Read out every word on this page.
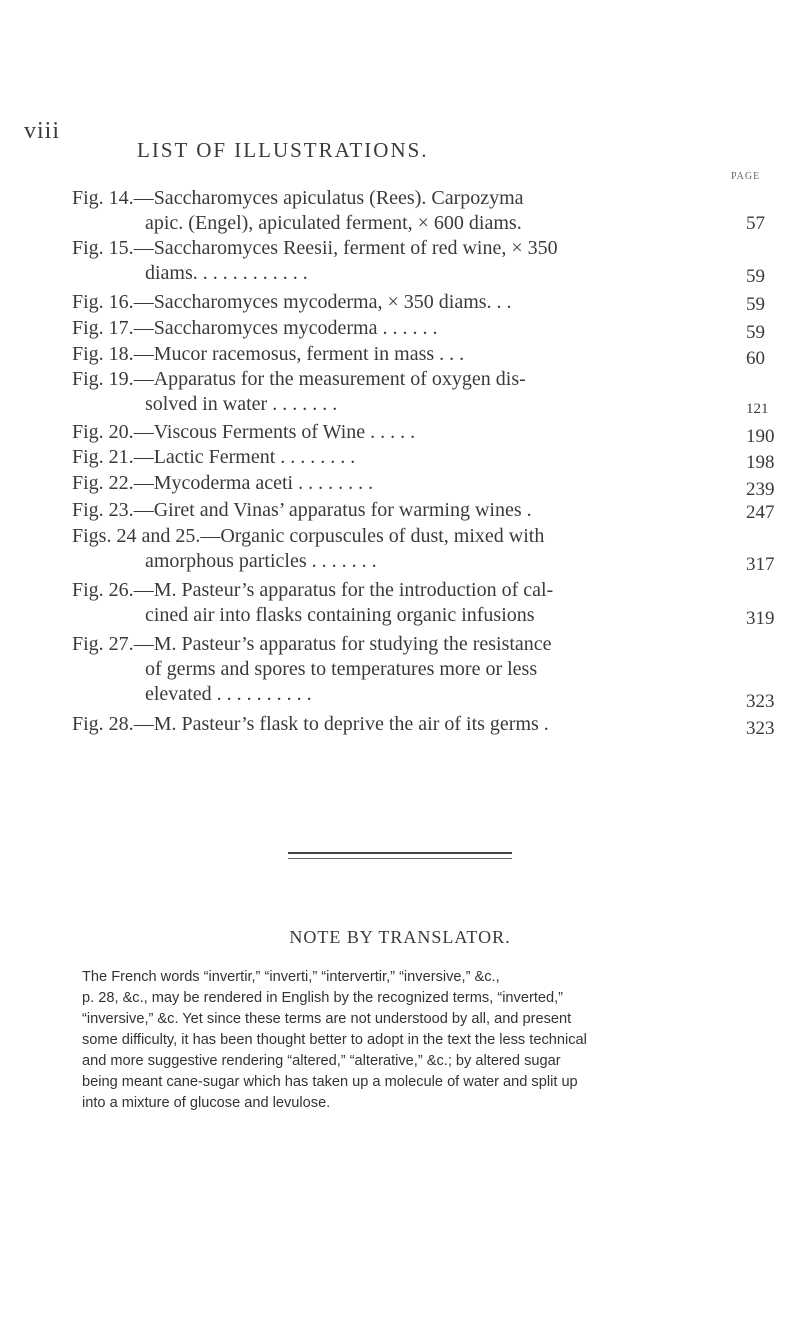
viii
LIST OF ILLUSTRATIONS.
PAGE
Fig. 14.—Saccharomyces apiculatus (Rees). Carpozyma
apic. (Engel), apiculated ferment, × 600 diams.	57
Fig. 15.—Saccharomyces Reesii, ferment of red wine, × 350
diams. . . . . . . . . . . .	59
Fig. 16.—Saccharomyces mycoderma, × 350 diams. . .	59
Fig. 17.—Saccharomyces mycoderma . . . . . .	59
Fig. 18.—Mucor racemosus, ferment in mass . . .	60
Fig. 19.—Apparatus for the measurement of oxygen dis-
solved in water . . . . . . .	121
Fig. 20.—Viscous Ferments of Wine . . . . .	190
Fig. 21.—Lactic Ferment . . . . . . . .	198
Fig. 22.—Mycoderma aceti . . . . . . . .	239
Fig. 23.—Giret and Vinas’ apparatus for warming wines .	247
Figs. 24 and 25.—Organic corpuscules of dust, mixed with
amorphous particles . . . . . . .	317
Fig. 26.—M. Pasteur’s apparatus for the introduction of cal-
cined air into flasks containing organic infusions	319
Fig. 27.—M. Pasteur’s apparatus for studying the resistance
of germs and spores to temperatures more or less
elevated . . . . . . . . . .	323
Fig. 28.—M. Pasteur’s flask to deprive the air of its germs .	323
NOTE BY TRANSLATOR.
The French words “invertir,” “inverti,” “intervertir,” “inversive,” &c.,
p. 28, &c., may be rendered in English by the recognized terms, “inverted,”
“inversive,” &c. Yet since these terms are not understood by all, and present
some difficulty, it has been thought better to adopt in the text the less technical
and more suggestive rendering “altered,” “alterative,” &c.; by altered sugar
being meant cane-sugar which has taken up a molecule of water and split up
into a mixture of glucose and levulose.
